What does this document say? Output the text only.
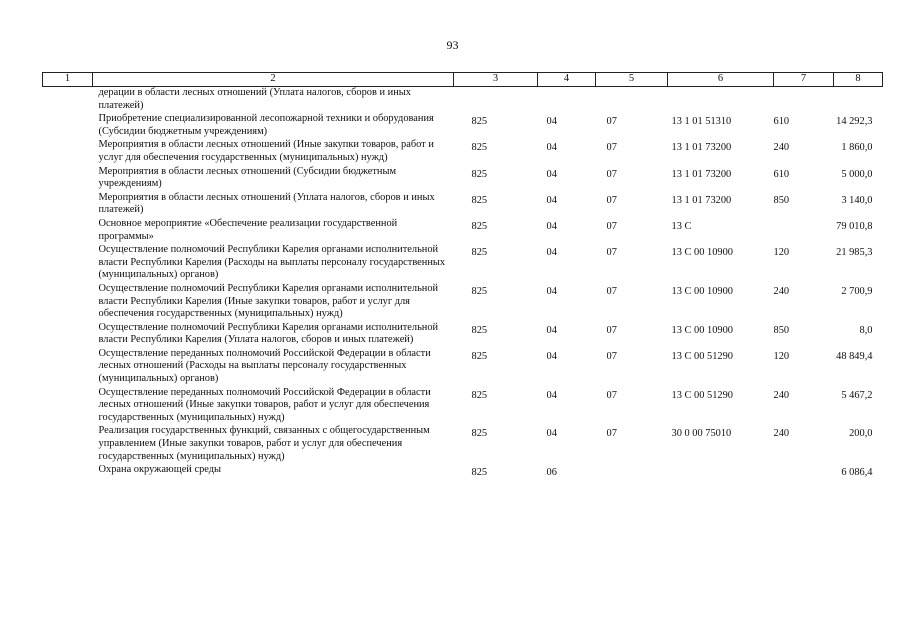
93
1	2	3	4	5	6	7	8
	дерации в области лесных отношений (Уплата налогов, сборов и иных платежей)						
	Приобретение специализированной лесопожарной техники и оборудования (Субсидии бюджетным учреждениям)	825	04	07	13 1 01 51310	610	14 292,3
	Мероприятия в области лесных отношений (Иные закупки товаров, работ и услуг для обеспечения государственных (муниципальных) нужд)	825	04	07	13 1 01 73200	240	1 860,0
	Мероприятия в области лесных отношений (Субсидии бюджетным учреждениям)	825	04	07	13 1 01 73200	610	5 000,0
	Мероприятия в области лесных отношений (Уплата налогов, сборов и иных платежей)	825	04	07	13 1 01 73200	850	3 140,0
	Основное мероприятие «Обеспечение реализации государственной программы»	825	04	07	13 С		79 010,8
	Осуществление полномочий Республики Карелия органами исполнительной власти Республики Карелия (Расходы на выплаты персоналу государственных (муниципальных) органов)	825	04	07	13 С 00 10900	120	21 985,3
	Осуществление полномочий Республики Карелия органами исполнительной власти Республики Карелия (Иные закупки товаров, работ и услуг для обеспечения государственных (муниципальных) нужд)	825	04	07	13 С 00 10900	240	2 700,9
	Осуществление полномочий Республики Карелия органами исполнительной власти Республики Карелия (Уплата налогов, сборов и иных платежей)	825	04	07	13 С 00 10900	850	8,0
	Осуществление переданных полномочий Российской Федерации в области лесных отношений (Расходы на выплаты персоналу государственных (муниципальных) органов)	825	04	07	13 С 00 51290	120	48 849,4
	Осуществление переданных полномочий Российской Федерации в области лесных отношений (Иные закупки товаров, работ и услуг для обеспечения государственных (муниципальных) нужд)	825	04	07	13 С 00 51290	240	5 467,2
	Реализация государственных функций, связанных с общегосударственным управлением (Иные закупки товаров, работ и услуг для обеспечения государственных (муниципальных) нужд)	825	04	07	30 0 00 75010	240	200,0
	Охрана окружающей среды	825	06				6 086,4
